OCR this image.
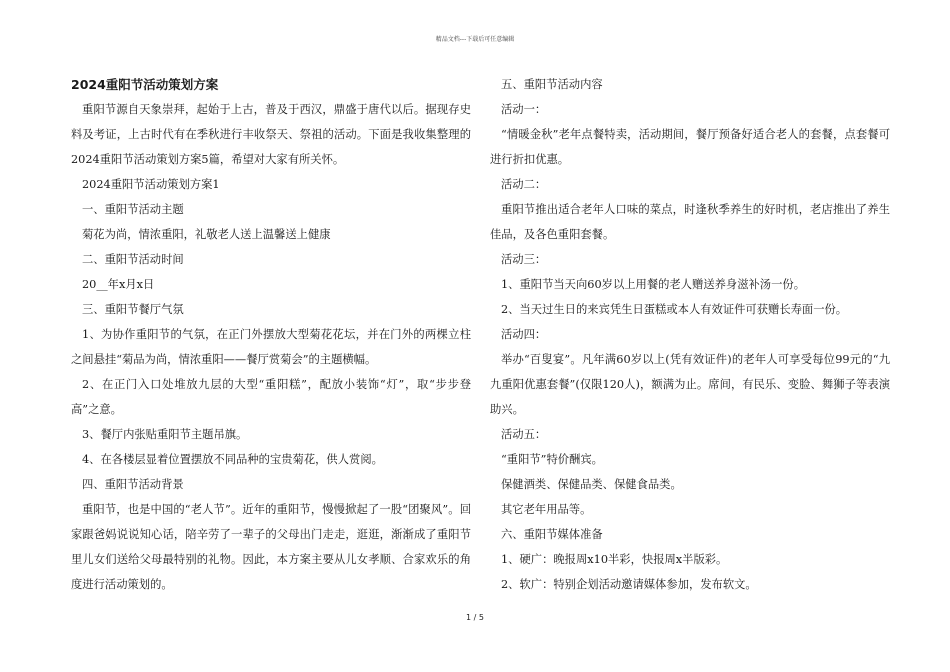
精品文档---下载后可任意编辑

2024重阳节活动策划方案

重阳节源自天象崇拜，起始于上古，普及于西汉，鼎盛于唐代以后。据现存史料及考证，上古时代有在季秋进行丰收祭天、祭祖的活动。下面是我收集整理的2024重阳节活动策划方案5篇，希望对大家有所关怀。

2024重阳节活动策划方案1

一、重阳节活动主题

菊花为尚，情浓重阳，礼敬老人送上温馨送上健康

二、重阳节活动时间

20__年x月x日

三、重阳节餐厅气氛

1、为协作重阳节的气氛，在正门外摆放大型菊花花坛，并在门外的两棵立柱之间悬挂“菊品为尚，情浓重阳——餐厅赏菊会”的主题横幅。

2、在正门入口处堆放九层的大型“重阳糕”，配放小装饰“灯”，取“步步登高”之意。

3、餐厅内张贴重阳节主题吊旗。

4、在各楼层显着位置摆放不同品种的宝贵菊花，供人赏阅。

四、重阳节活动背景

重阳节，也是中国的“老人节”。近年的重阳节，慢慢掀起了一股“团聚风”。回家跟爸妈说说知心话，陪辛劳了一辈子的父母出门走走，逛逛，渐渐成了重阳节里儿女们送给父母最特别的礼物。因此，本方案主要从儿女孝顺、合家欢乐的角度进行活动策划的。

五、重阳节活动内容

活动一：

“情暖金秋”老年点餐特卖，活动期间，餐厅预备好适合老人的套餐，点套餐可进行折扣优惠。

活动二：

重阳节推出适合老年人口味的菜点，时逢秋季养生的好时机，老店推出了养生佳品，及各色重阳套餐。

活动三：

1、重阳节当天向60岁以上用餐的老人赠送养身滋补汤一份。

2、当天过生日的来宾凭生日蛋糕或本人有效证件可获赠长寿面一份。

活动四：

举办“百叟宴”。凡年满60岁以上(凭有效证件)的老年人可享受每位99元的“九九重阳优惠套餐”(仅限120人)，额满为止。席间，有民乐、变脸、舞狮子等表演助兴。

活动五：

“重阳节”特价酬宾。

保健酒类、保健品类、保健食品类。

其它老年用品等。

六、重阳节媒体准备

1、硬广：晚报周x10半彩，快报周x半版彩。

2、软广：特别企划活动邀请媒体参加，发布软文。

1 / 5
